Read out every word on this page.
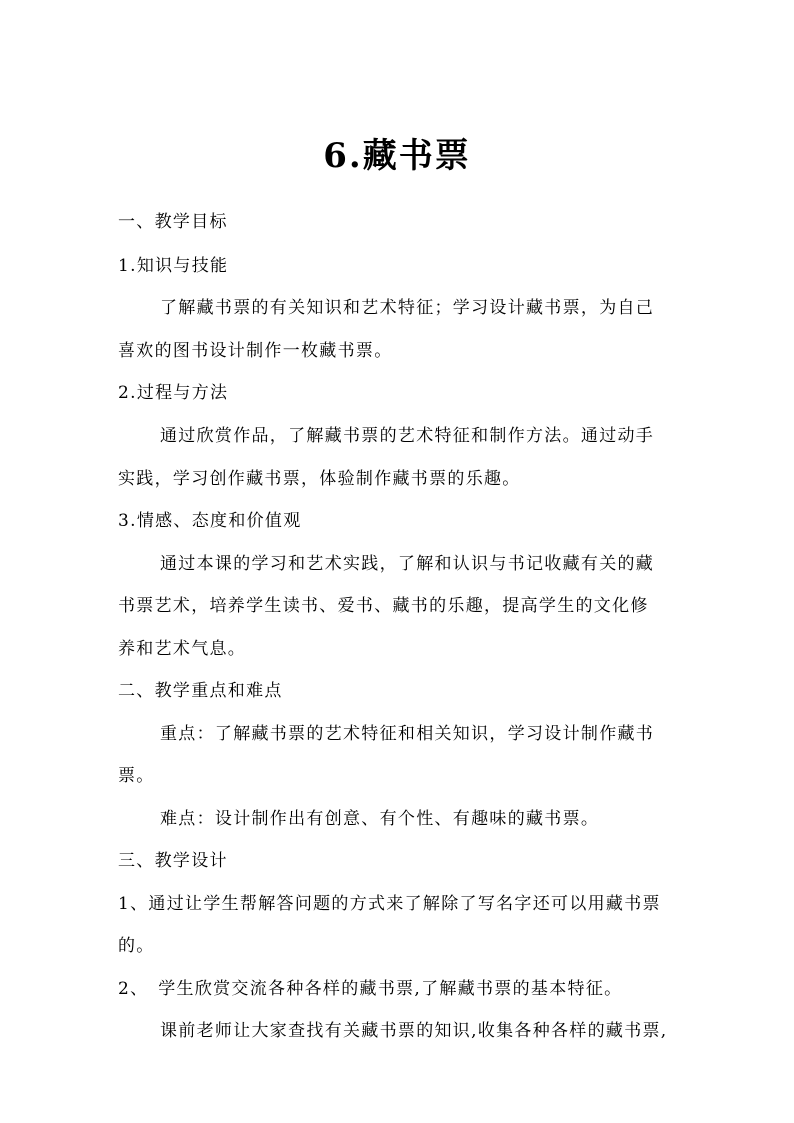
6.藏书票
一、教学目标
1.知识与技能
了解藏书票的有关知识和艺术特征；学习设计藏书票，为自己
喜欢的图书设计制作一枚藏书票。
2.过程与方法
通过欣赏作品，了解藏书票的艺术特征和制作方法。通过动手
实践，学习创作藏书票，体验制作藏书票的乐趣。
3.情感、态度和价值观
通过本课的学习和艺术实践，了解和认识与书记收藏有关的藏
书票艺术，培养学生读书、爱书、藏书的乐趣，提高学生的文化修
养和艺术气息。
二、教学重点和难点
重点：了解藏书票的艺术特征和相关知识，学习设计制作藏书
票。
难点：设计制作出有创意、有个性、有趣味的藏书票。
三、教学设计
1、通过让学生帮解答问题的方式来了解除了写名字还可以用藏书票
的。
2、　学生欣赏交流各种各样的藏书票,了解藏书票的基本特征。
课前老师让大家查找有关藏书票的知识,收集各种各样的藏书票,
